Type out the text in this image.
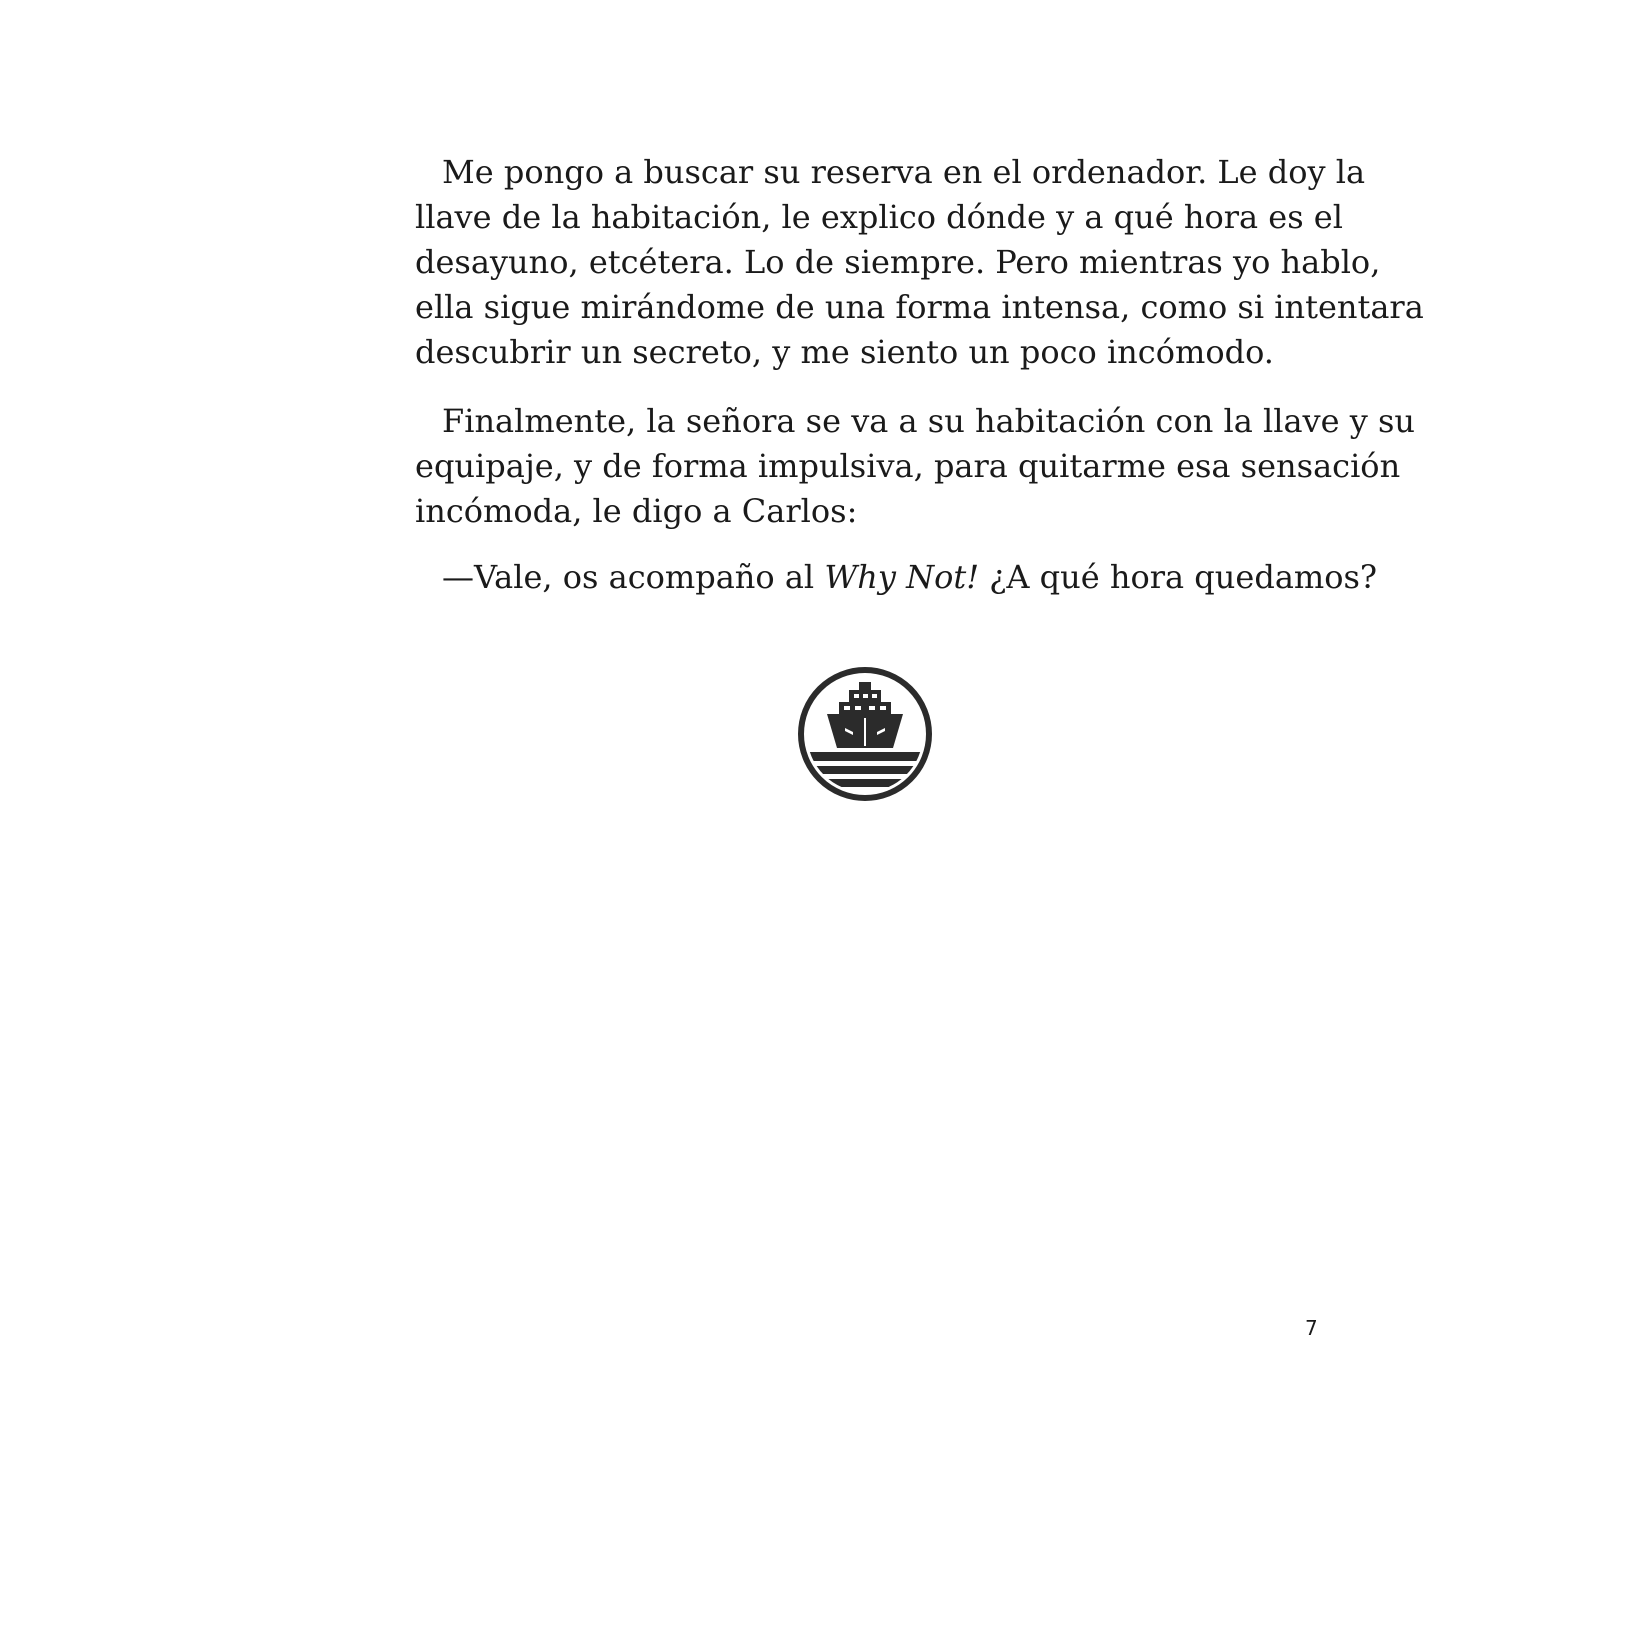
Me pongo a buscar su reserva en el ordenador. Le doy la
llave de la habitación, le explico dónde y a qué hora es el
desayuno, etcétera. Lo de siempre. Pero mientras yo hablo,
ella sigue mirándome de una forma intensa, como si intentara
descubrir un secreto, y me siento un poco incómodo.

Finalmente, la señora se va a su habitación con la llave y su
equipaje, y de forma impulsiva, para quitarme esa sensación
incómoda, le digo a Carlos:

—Vale, os acompaño al Why Not! ¿A qué hora quedamos?

7
